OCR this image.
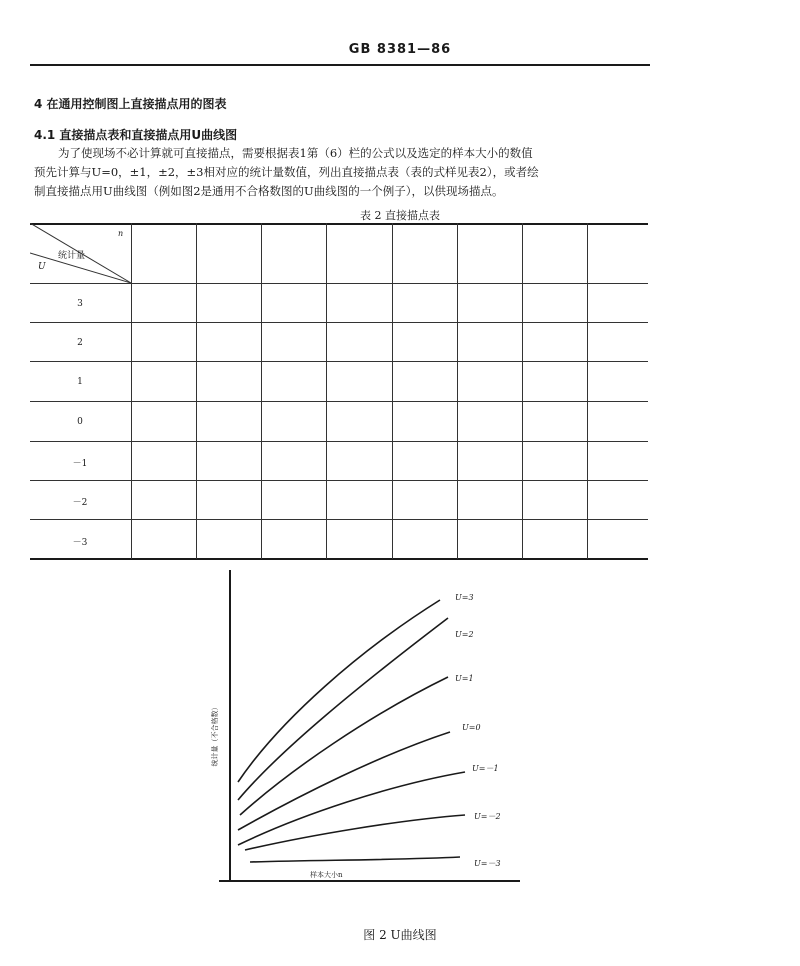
GB 8381—86
4 在通用控制图上直接描点用的图表
4.1 直接描点表和直接描点用U曲线图

为了使现场不必计算就可直接描点，需要根据表1第（6）栏的公式以及选定的样本大小的数值

预先计算与U=0，±1，±2，±3相对应的统计量数值，列出直接描点表（表的式样见表2），或者绘

制直接描点用U曲线图（例如图2是通用不合格数图的U曲线图的一个例子），以供现场描点。

表 2 直接描点表
n
统计量
U
3
2
1
0
－1
－2
－3
统计量（不合格数）
样本大小n
U=3
U=2
U=1
U=0
U=－1
U=－2
U=－3
图 2 U曲线图
